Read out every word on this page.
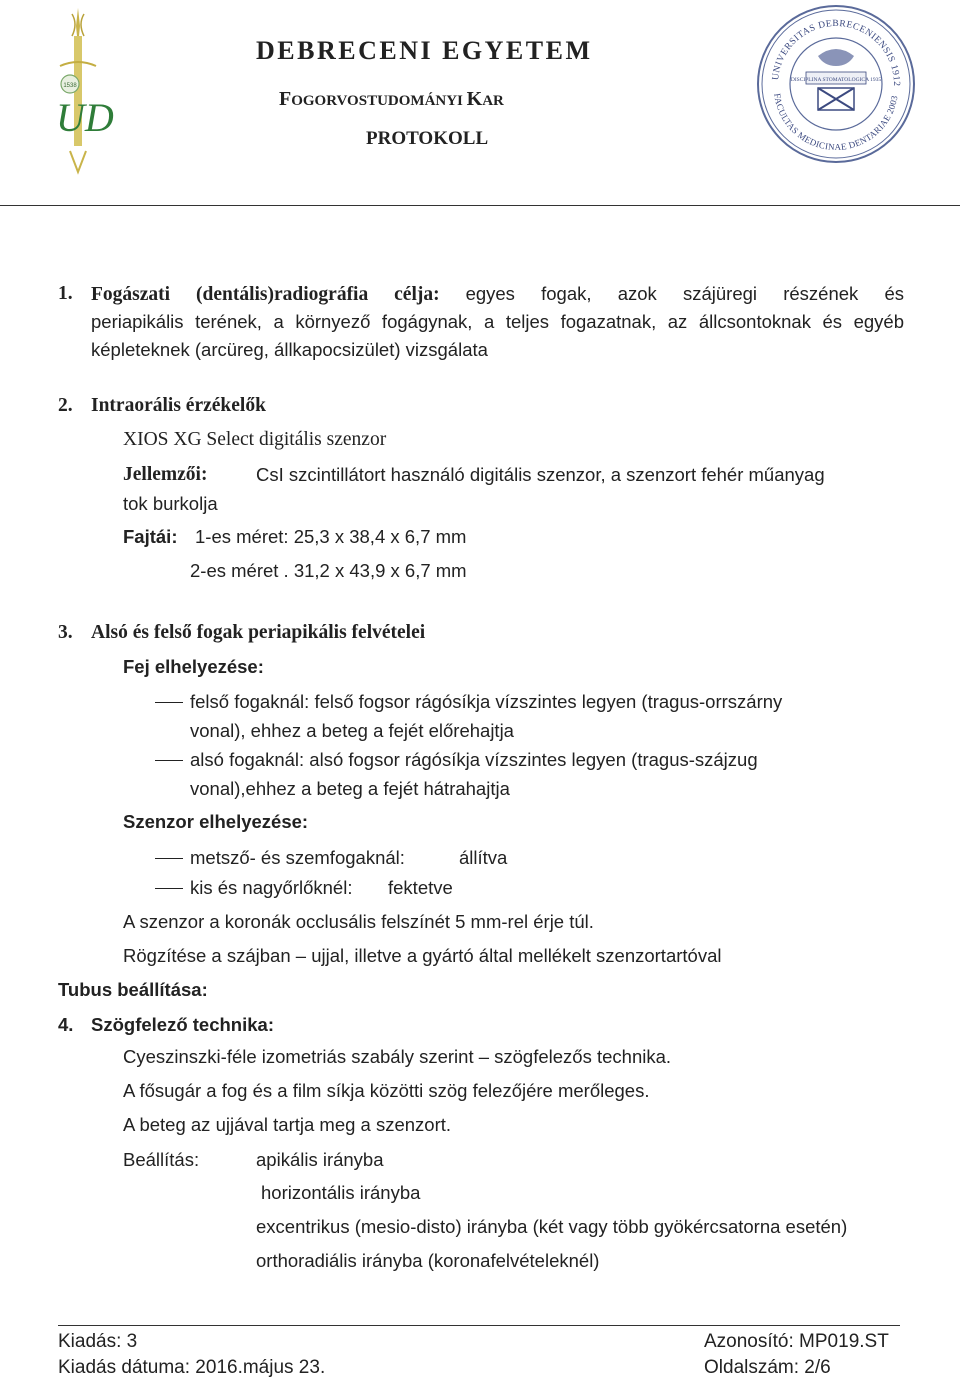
1538
UD
DEBRECENI EGYETEM
FOGORVOSTUDOMÁNYI KAR
PROTOKOLL
UNIVERSITAS DEBRECENIENSIS 1912
FACULTAS MEDICINAE DENTARIAE 2003
DISCIPLINA STOMATOLOGICA 1935
1. Fogászati (dentális)radiográfia célja: egyes fogak, azok szájüregi részének és
periapikális terének, a környező fogágynak, a teljes fogazatnak, az állcsontoknak és egyéb
képleteknek (arcüreg, állkapocsizület) vizsgálata
2. Intraorális érzékelők
XIOS XG Select digitális szenzor
Jellemzői:	CsI szcintillátort használó digitális szenzor, a szenzort fehér műanyag
tok burkolja
Fajtái: 1-es méret: 25,3 x 38,4 x 6,7 mm
2-es méret . 31,2 x 43,9 x 6,7 mm
3. Alsó és felső fogak periapikális felvételei
Fej elhelyezése:
felső fogaknál: felső fogsor rágósíkja vízszintes legyen (tragus-orrszárny
vonal), ehhez a beteg a fejét előrehajtja
alsó fogaknál: alsó fogsor rágósíkja vízszintes legyen (tragus-szájzug
vonal),ehhez a beteg a fejét hátrahajtja
Szenzor elhelyezése:
metsző- és szemfogaknál:	állítva
kis és nagyőrlőknél: fektetve
A szenzor a koronák occlusális felszínét 5 mm-rel érje túl.
Rögzítése a szájban – ujjal, illetve a gyártó által mellékelt szenzortartóval
Tubus beállítása:
4. Szögfelező technika:
Cyeszinszki-féle izometriás szabály szerint – szögfelezős technika.
A fősugár a fog és a film síkja közötti szög felezőjére merőleges.
A beteg az ujjával tartja meg a szenzort.
Beállítás:	apikális irányba
horizontális irányba
excentrikus (mesio-disto) irányba (két vagy több gyökércsatorna esetén)
orthoradiális irányba (koronafelvételeknél)
Kiadás: 3
Kiadás dátuma: 2016.május 23.
Azonosító: MP019.ST
Oldalszám: 2/6
